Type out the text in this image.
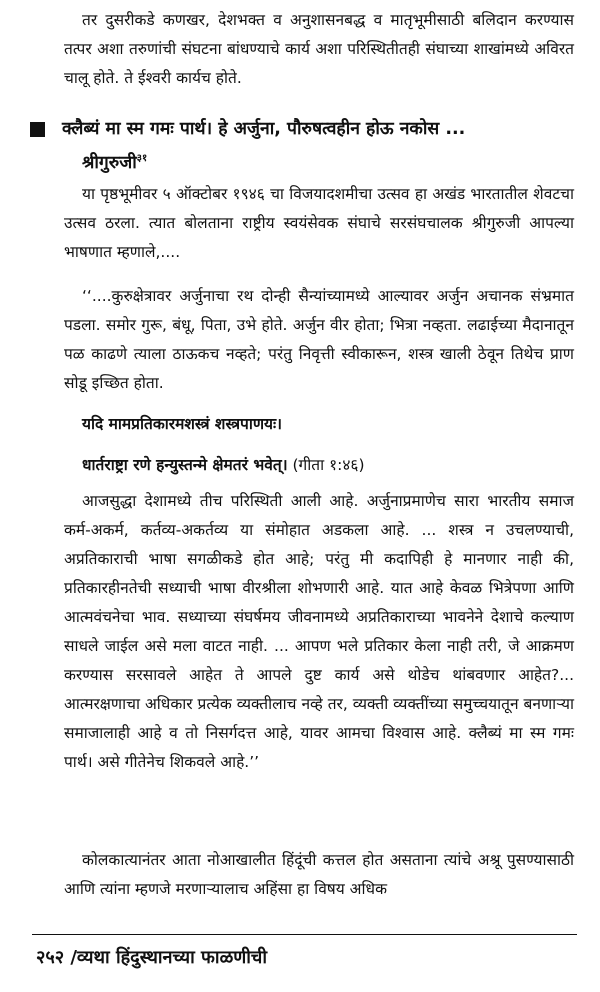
तर दुसरीकडे कणखर, देशभक्त व अनुशासनबद्ध व मातृभूमीसाठी बलिदान करण्यास तत्पर अशा तरुणांची संघटना बांधण्याचे कार्य अशा परिस्थितीतही संघाच्या शाखांमध्ये अविरत चालू होते. ते ईश्वरी कार्यच होते.
क्लैब्यं मा स्म गमः पार्थ। हे अर्जुना, पौरुषत्वहीन होऊ नकोस ...
श्रीगुरुजी$^{३१}$
या पृष्ठभूमीवर ५ ऑक्टोबर १९४६ चा विजयादशमीचा उत्सव हा अखंड भारतातील शेवटचा उत्सव ठरला. त्यात बोलताना राष्ट्रीय स्वयंसेवक संघाचे सरसंघचालक श्रीगुरुजी आपल्या भाषणात म्हणाले,....
‘‘....कुरुक्षेत्रावर अर्जुनाचा रथ दोन्ही सैन्यांच्यामध्ये आल्यावर अर्जुन अचानक संभ्रमात पडला. समोर गुरू, बंधू, पिता, उभे होते. अर्जुन वीर होता; भित्रा नव्हता. लढाईच्या मैदानातून पळ काढणे त्याला ठाऊकच नव्हते; परंतु निवृत्ती स्वीकारून, शस्त्र खाली ठेवून तिथेच प्राण सोडू इच्छित होता.
यदि मामप्रतिकारमशस्त्रं शस्त्रपाणयः।
धार्तराष्ट्रा रणे हन्युस्तन्मे क्षेमतरं भवेत्। (गीता १:४६)
आजसुद्धा देशामध्ये तीच परिस्थिती आली आहे. अर्जुनाप्रमाणेच सारा भारतीय समाज कर्म-अकर्म, कर्तव्य-अकर्तव्य या संमोहात अडकला आहे. ... शस्त्र न उचलण्याची, अप्रतिकाराची भाषा सगळीकडे होत आहे; परंतु मी कदापिही हे मानणार नाही की, प्रतिकारहीनतेची सध्याची भाषा वीरश्रीला शोभणारी आहे. यात आहे केवळ भित्रेपणा आणि आत्मवंचनेचा भाव. सध्याच्या संघर्षमय जीवनामध्ये अप्रतिकाराच्या भावनेने देशाचे कल्याण साधले जाईल असे मला वाटत नाही. ... आपण भले प्रतिकार केला नाही तरी, जे आक्रमण करण्यास सरसावले आहेत ते आपले दुष्ट कार्य असे थोडेच थांबवणार आहेत?... आत्मरक्षणाचा अधिकार प्रत्येक व्यक्तीलाच नव्हे तर, व्यक्ती व्यक्तींच्या समुच्चयातून बनणाऱ्या समाजालाही आहे व तो निसर्गदत्त आहे, यावर आमचा विश्वास आहे. क्लैब्यं मा स्म गमः पार्थ। असे गीतेनेच शिकवले आहे.’’
कोलकात्यानंतर आता नोआखालीत हिंदूंची कत्तल होत असताना त्यांचे अश्रू पुसण्यासाठी आणि त्यांना म्हणजे मरणाऱ्यालाच अहिंसा हा विषय अधिक
२५२ /व्यथा हिंदुस्थानच्या फाळणीची
